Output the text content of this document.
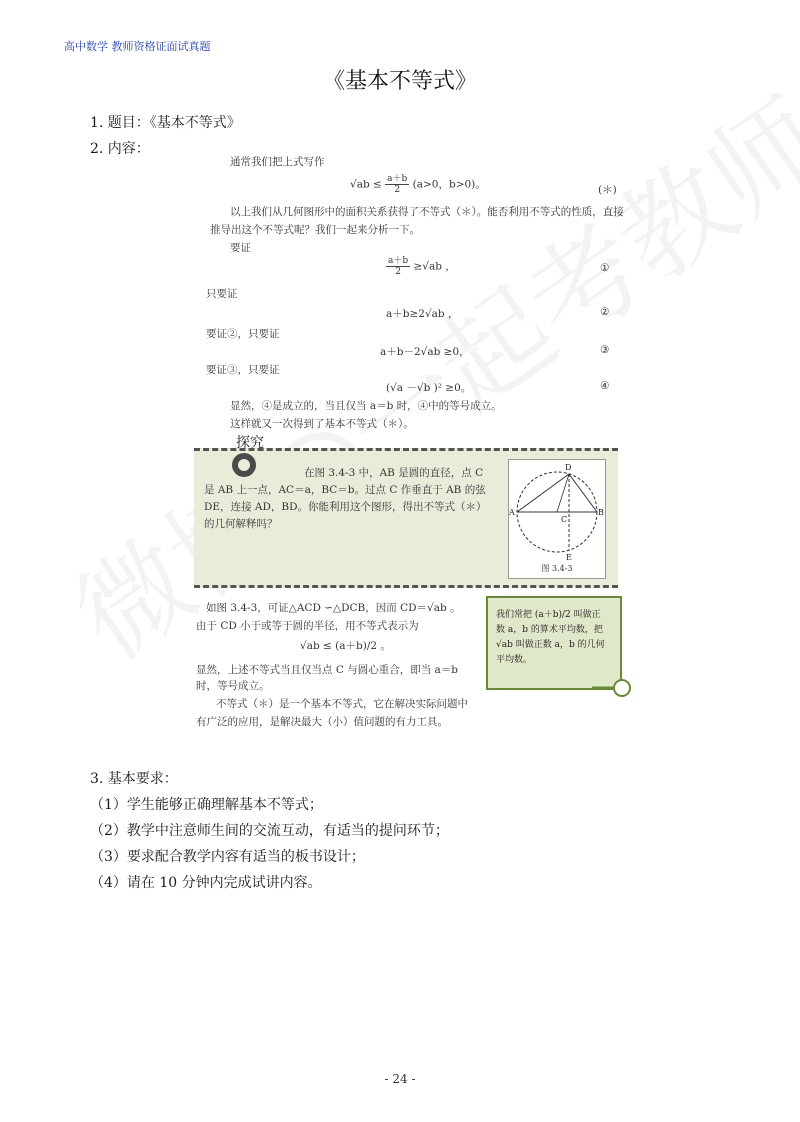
高中数学 教师资格证面试真题
《基本不等式》
1. 题目：《基本不等式》
2. 内容：
通常我们把上式写作
$√ab \le \frac{a+b}{2} (a>0$，b>0)。	(＊)
以上我们从几何图形中的面积关系获得了不等式（＊）。能否利用不等式的性质，直接
推导出这个不等式呢？我们一起来分析一下。
要证
$\frac{a+b}{2} \ge√ab$ ，	①
只要证
a＋b≥2√ab ，	②
要证②，只要证
a＋b－2√ab ≥0，	③
要证③，只要证
(√a －√b )² ≥0。	④
显然，④是成立的，当且仅当 a＝b 时，④中的等号成立。
这样就又一次得到了基本不等式（＊）。
探究
在图 3.4-3 中，AB 是圆的直径，点 C 是 AB 上一点，AC＝a，BC＝b。过点 C 作垂直于 AB 的弦 DE，连接 AD，BD。你能利用这个图形，得出不等式（＊）的几何解释吗？
D
A	B
C
E
图 3.4-3
如图 3.4-3，可证△ACD ∽△DCB，因而 CD＝√ab 。
由于 CD 小于或等于圆的半径，用不等式表示为
√ab ≤ (a＋b)/2 。
显然，上述不等式当且仅当点 C 与圆心重合，即当 a＝b
时，等号成立。
不等式（＊）是一个基本不等式，它在解决实际问题中
有广泛的应用，是解决最大（小）值问题的有力工具。
我们常把 (a＋b)/2 叫做正
数 a，b 的算术平均数，把
√ab 叫做正数 a，b 的几何
平均数。
3. 基本要求：
（1）学生能够正确理解基本不等式；
（2）教学中注意师生间的交流互动，有适当的提问环节；
（3）要求配合教学内容有适当的板书设计；
（4）请在 10 分钟内完成试讲内容。
- 24 -
